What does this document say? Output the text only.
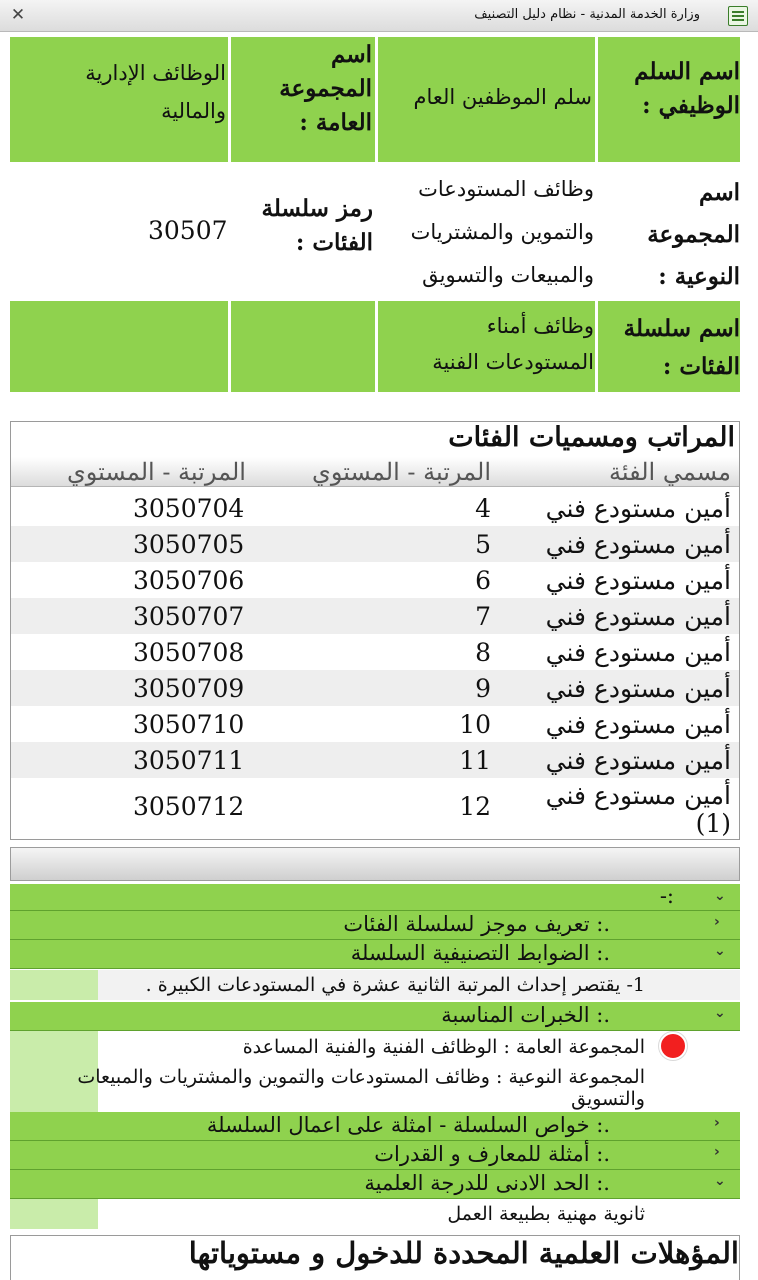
✕	وزارة الخدمة المدنية - نظام دليل التصنيف
اسم السلم الوظيفي :
سلم الموظفين العام
اسم المجموعة العامة :
الوظائف الإدارية والمالية
اسم المجموعة النوعية :
وظائف المستودعات والتموين والمشتريات والمبيعات والتسويق
رمز سلسلة الفئات :
30507
اسم سلسلة الفئات :
وظائف أمناء المستودعات الفنية
المراتب ومسميات الفئات
مسمي الفئة
المرتبة - المستوي
المرتبة - المستوي
أمين مستودع فني
4
3050704
أمين مستودع فني
5
3050705
أمين مستودع فني
6
3050706
أمين مستودع فني
7
3050707
أمين مستودع فني
8
3050708
أمين مستودع فني
9
3050709
أمين مستودع فني
10
3050710
أمين مستودع فني
11
3050711
أمين مستودع فني (1)
12
3050712
⌄
:-
‹
.: تعريف موجز لسلسلة الفئات
⌄
.: الضوابط التصنيفية السلسلة
1- يقتصر إحداث المرتبة الثانية عشرة في المستودعات الكبيرة .
⌄
.: الخبرات المناسبة
المجموعة العامة : الوظائف الفنية والفنية المساعدة
المجموعة النوعية : وظائف المستودعات والتموين والمشتريات والمبيعات والتسويق
‹
.: خواص السلسلة - امثلة على اعمال السلسلة
‹
.: أمثلة للمعارف و القدرات
⌄
.: الحد الادنى للدرجة العلمية
ثانوية مهنية بطبيعة العمل
المؤهلات العلمية المحددة للدخول و مستوياتها
